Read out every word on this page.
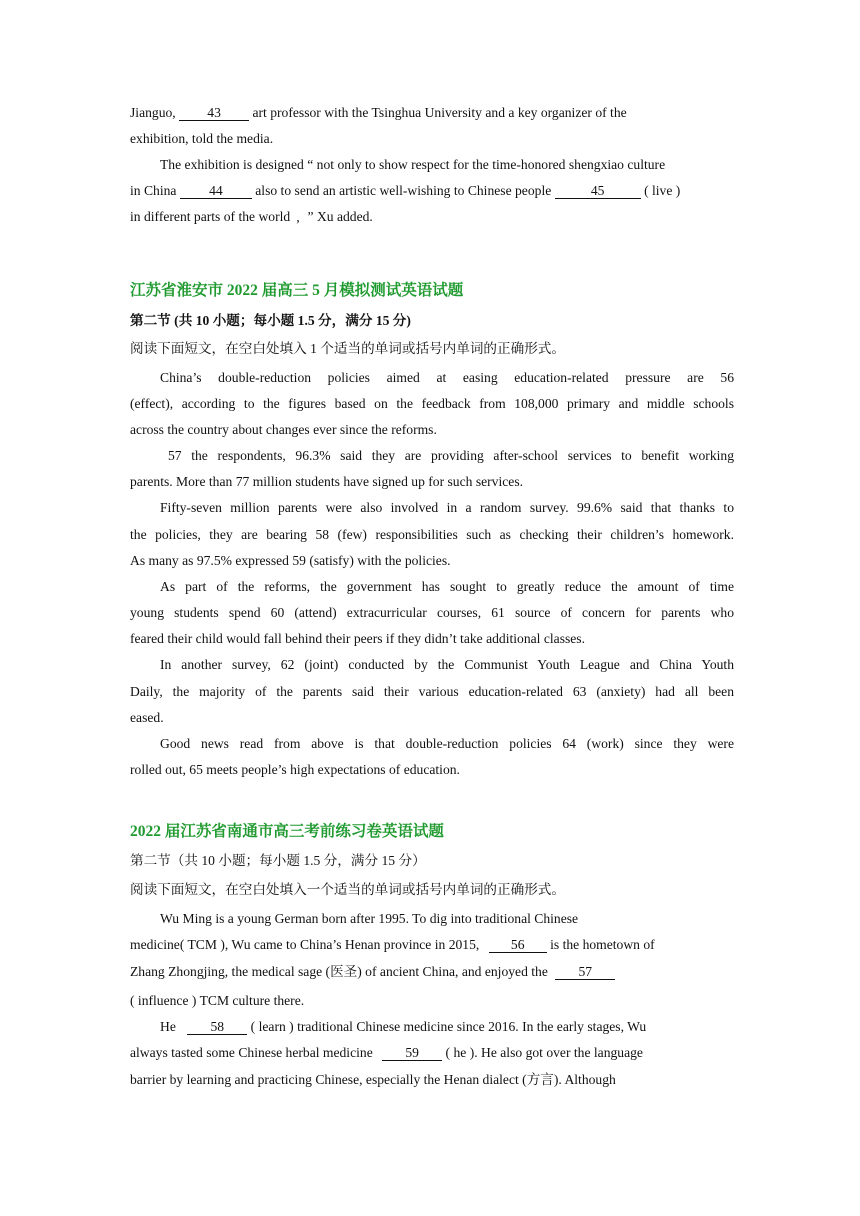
Jianguo, 43 art professor with the Tsinghua University and a key organizer of the
exhibition, told the media.
The exhibition is designed “ not only to show respect for the time-honored shengxiao culture
in China 44 also to send an artistic well-wishing to Chinese people	45	( live )
in different parts of the world ’ ” Xu added.
江苏省淮安市 2022 届高三 5 月模拟测试英语试题
第二节 (共 10 小题；每小题 1.5 分，满分 15 分)
阅读下面短文，在空白处填入 1 个适当的单词或括号内单词的正确形式。
China’s double-reduction policies aimed at easing education-related pressure are 56
(effect), according to the figures based on the feedback from 108,000 primary and middle schools
across the country about changes ever since the reforms.
57 the respondents, 96.3% said they are providing after-school services to benefit working
parents. More than 77 million students have signed up for such services.
Fifty-seven million parents were also involved in a random survey. 99.6% said that thanks to
the policies, they are bearing 58 (few) responsibilities such as checking their children’s homework.
As many as 97.5% expressed 59 (satisfy) with the policies.
As part of the reforms, the government has sought to greatly reduce the amount of time
young students spend 60 (attend) extracurricular courses, 61 source of concern for parents who
feared their child would fall behind their peers if they didn’t take additional classes.
In another survey, 62 (joint) conducted by the Communist Youth League and China Youth
Daily, the majority of the parents said their various education-related 63 (anxiety) had all been
eased.
Good news read from above is that double-reduction policies 64 (work) since they were
rolled out, 65 meets people’s high expectations of education.
2022 届江苏省南通市高三考前练习卷英语试题
第二节（共 10 小题；每小题 1.5 分，满分 15 分）
阅读下面短文，在空白处填入一个适当的单词或括号内单词的正确形式。
Wu Ming is a young German born after 1995. To dig into traditional Chinese
medicine( TCM ), Wu came to China’s Henan province in 2015, 56 is the hometown of
Zhang Zhongjing, the medical sage (医圣) of ancient China, and enjoyed the 57
( influence ) TCM culture there.
He	58 ( learn ) traditional Chinese medicine since 2016. In the early stages, Wu
always tasted some Chinese herbal medicine 59 ( he ). He also got over the language
barrier by learning and practicing Chinese, especially the Henan dialect (方言). Although
